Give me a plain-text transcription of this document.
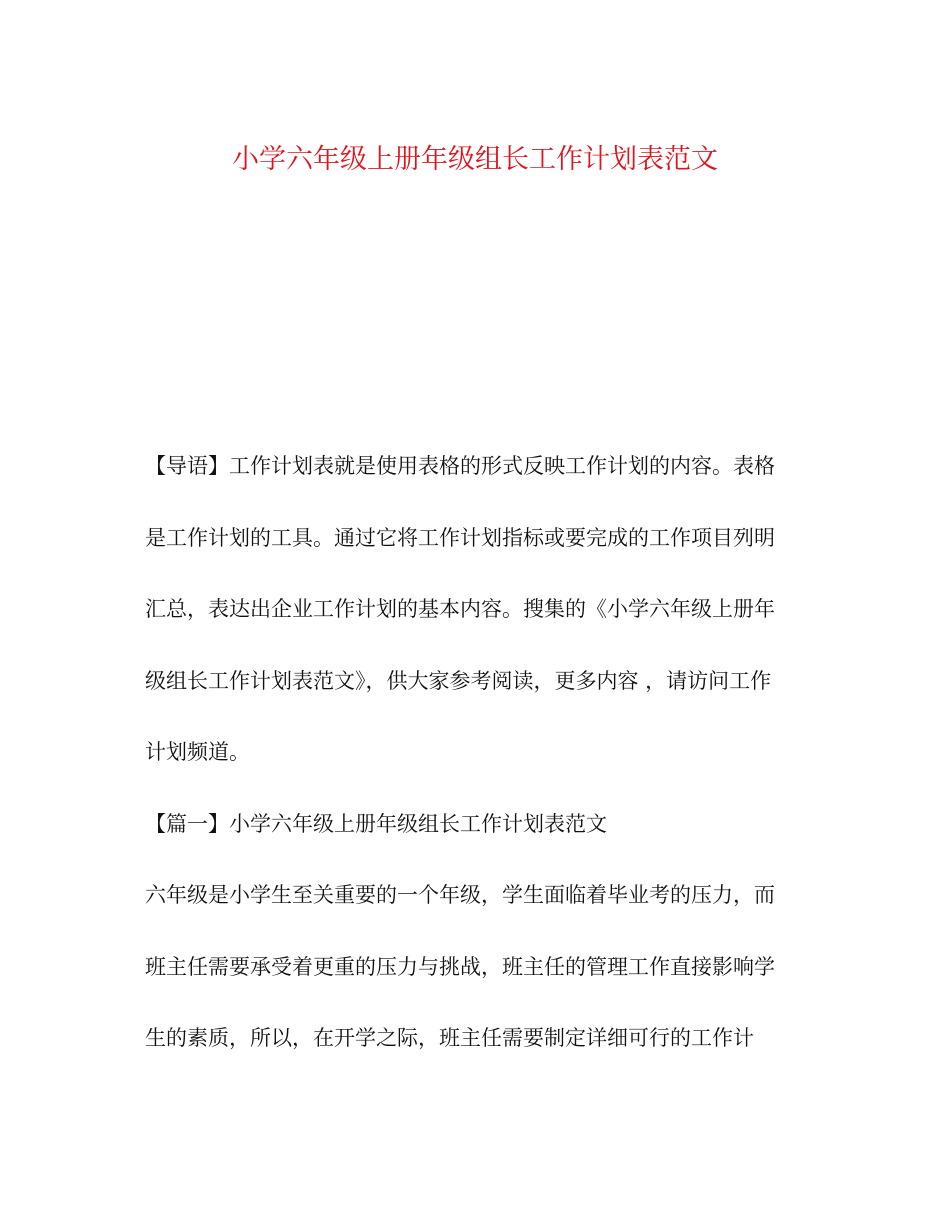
小学六年级上册年级组长工作计划表范文
【导语】工作计划表就是使用表格的形式反映工作计划的内容。表格
是工作计划的工具。通过它将工作计划指标或要完成的工作项目列明
汇总，表达出企业工作计划的基本内容。搜集的《小学六年级上册年
级组长工作计划表范文》，供大家参考阅读，更多内容 ，请访问工作
计划频道。
【篇一】小学六年级上册年级组长工作计划表范文
六年级是小学生至关重要的一个年级，学生面临着毕业考的压力，而
班主任需要承受着更重的压力与挑战，班主任的管理工作直接影响学
生的素质，所以，在开学之际，班主任需要制定详细可行的工作计
